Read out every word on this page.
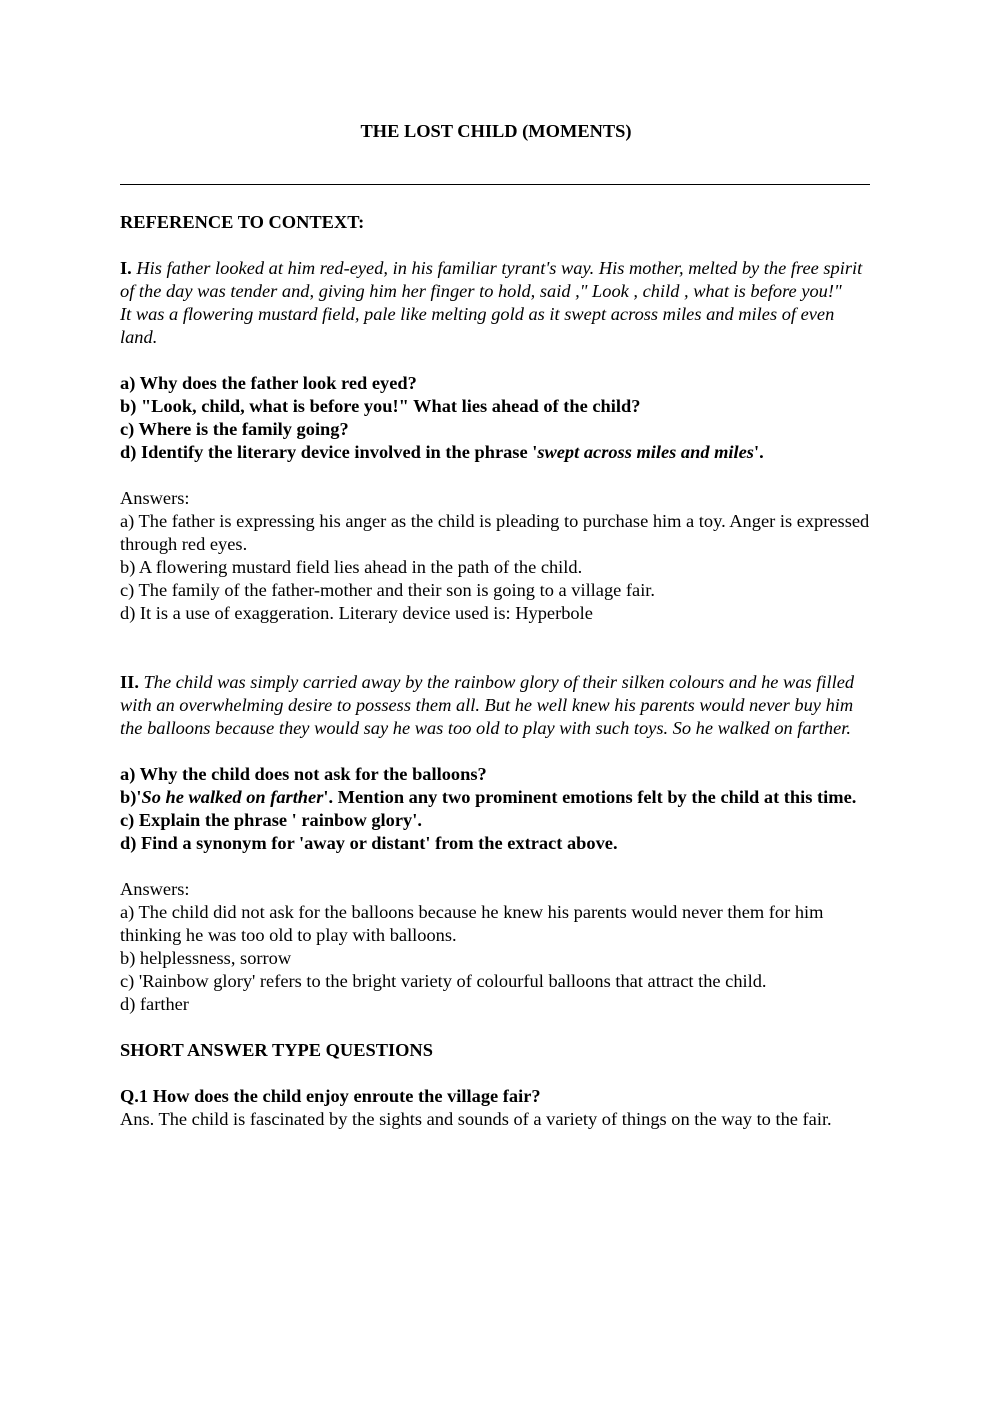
THE LOST CHILD (MOMENTS)

REFERENCE TO CONTEXT:

I. His father looked at him red-eyed, in his familiar tyrant's way. His mother, melted by the free spirit of the day was tender and, giving him her finger to hold, said ," Look , child , what is before you!"

It was a flowering mustard field, pale like melting gold as it swept across miles and miles of even land.

a) Why does the father look red eyed?

b) "Look, child, what is before you!" What lies ahead of the child?

c) Where is the family going?

d) Identify the literary device involved in the phrase 'swept across miles and miles'.

Answers:

a) The father is expressing his anger as the child is pleading to purchase him a toy. Anger is expressed through red eyes.

b) A flowering mustard field lies ahead in the path of the child.

c) The family of the father-mother and their son is going to a village fair.

d) It is a use of exaggeration. Literary device used is: Hyperbole

II. The child was simply carried away by the rainbow glory of their silken colours and he was filled with an overwhelming desire to possess them all. But he well knew his parents would never buy him the balloons because they would say he was too old to play with such toys. So he walked on farther.

a) Why the child does not ask for the balloons?

b)'So he walked on farther'. Mention any two prominent emotions felt by the child at this time.

c) Explain the phrase ' rainbow glory'.

d) Find a synonym for 'away or distant' from the extract above.

Answers:

a) The child did not ask for the balloons because he knew his parents would never them for him thinking he was too old to play with balloons.

b) helplessness, sorrow

c) 'Rainbow glory' refers to the bright variety of colourful balloons that attract the child.

d) farther

SHORT ANSWER TYPE QUESTIONS

Q.1 How does the child enjoy enroute the village fair?

Ans. The child is fascinated by the sights and sounds of a variety of things on the way to the fair.
